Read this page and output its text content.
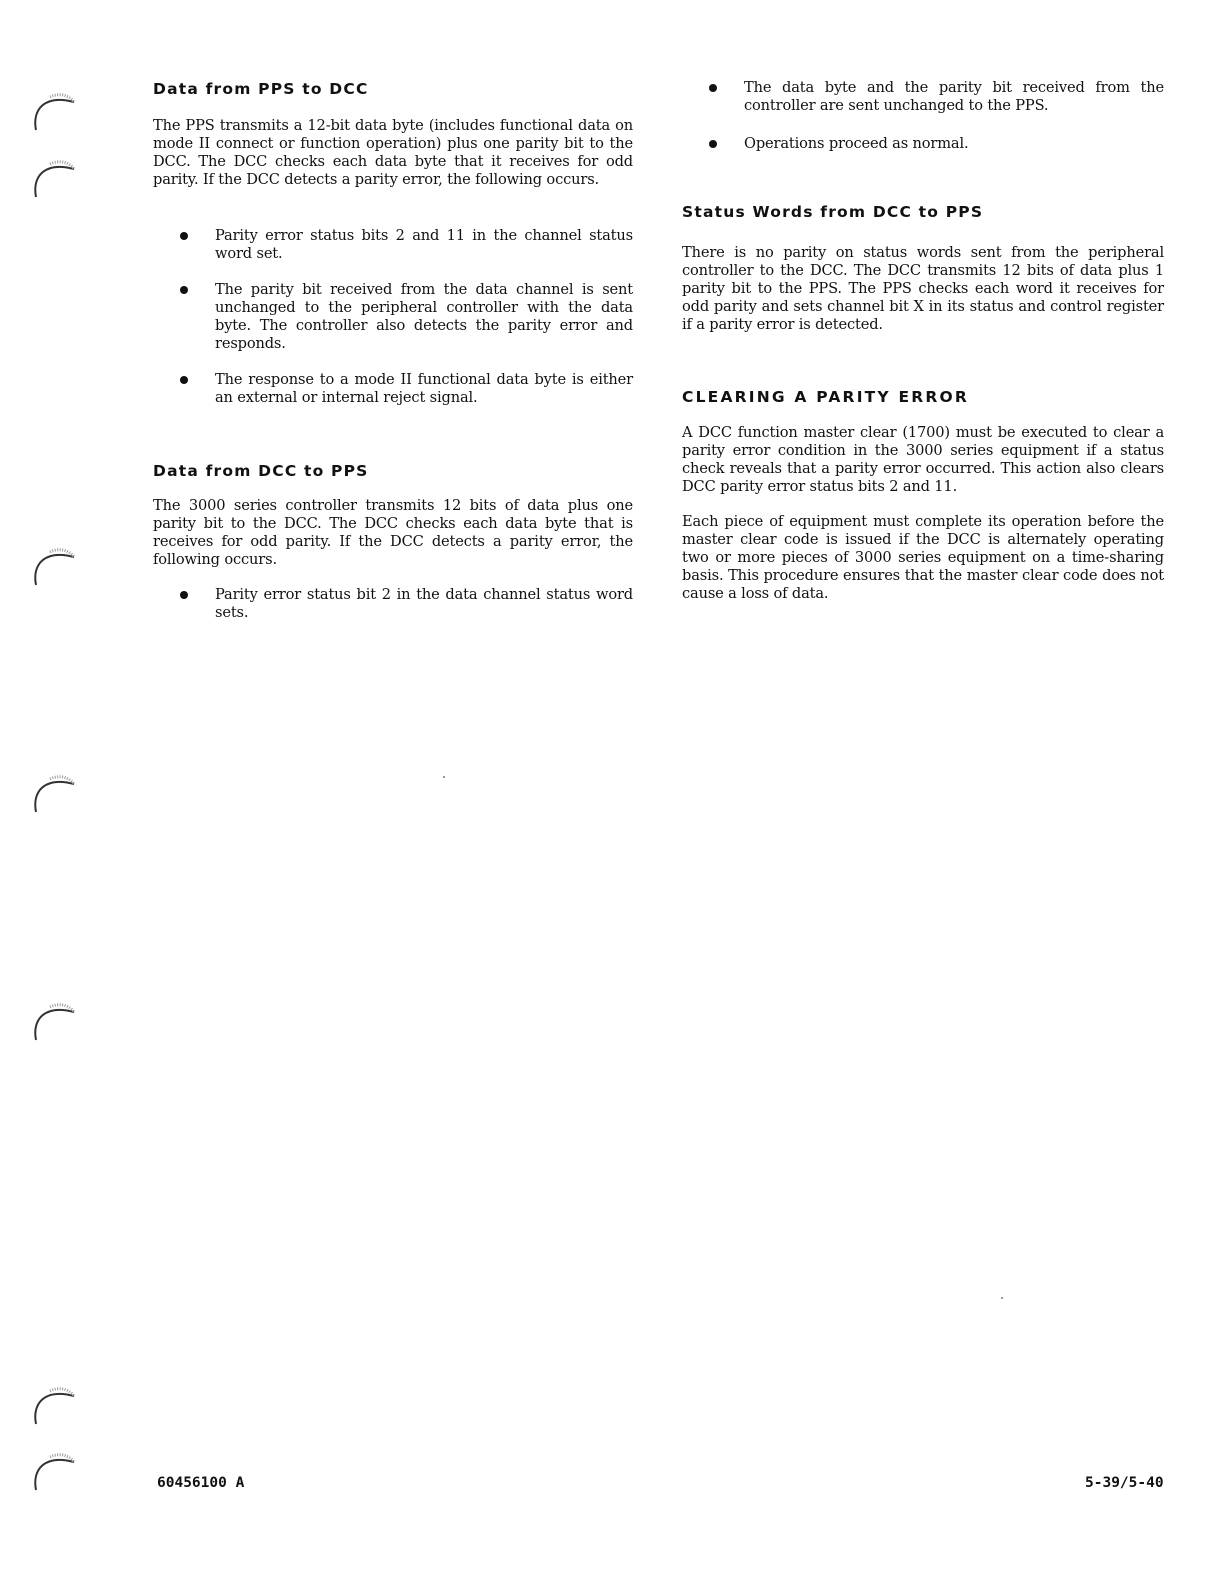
Data from PPS to DCC

The PPS transmits a 12-bit data byte (includes functional data on mode II connect or function operation) plus one parity bit to the DCC. The DCC checks each data byte that it receives for odd parity. If the DCC detects a parity error, the following occurs.

Parity error status bits 2 and 11 in the channel status word set.

The parity bit received from the data channel is sent unchanged to the peripheral controller with the data byte. The controller also detects the parity error and responds.

The response to a mode II functional data byte is either an external or internal reject signal.

Data from DCC to PPS

The 3000 series controller transmits 12 bits of data plus one parity bit to the DCC. The DCC checks each data byte that is receives for odd parity. If the DCC detects a parity error, the following occurs.

Parity error status bit 2 in the data channel status word sets.

The data byte and the parity bit received from the controller are sent unchanged to the PPS.

Operations proceed as normal.

Status Words from DCC to PPS

There is no parity on status words sent from the peripheral controller to the DCC. The DCC transmits 12 bits of data plus 1 parity bit to the PPS. The PPS checks each word it receives for odd parity and sets channel bit X in its status and control register if a parity error is detected.

CLEARING A PARITY ERROR

A DCC function master clear (1700) must be executed to clear a parity error condition in the 3000 series equipment if a status check reveals that a parity error occurred. This action also clears DCC parity error status bits 2 and 11.

Each piece of equipment must complete its operation before the master clear code is issued if the DCC is alternately operating two or more pieces of 3000 series equipment on a time-sharing basis. This procedure ensures that the master clear code does not cause a loss of data.

60456100 A	5-39/5-40
